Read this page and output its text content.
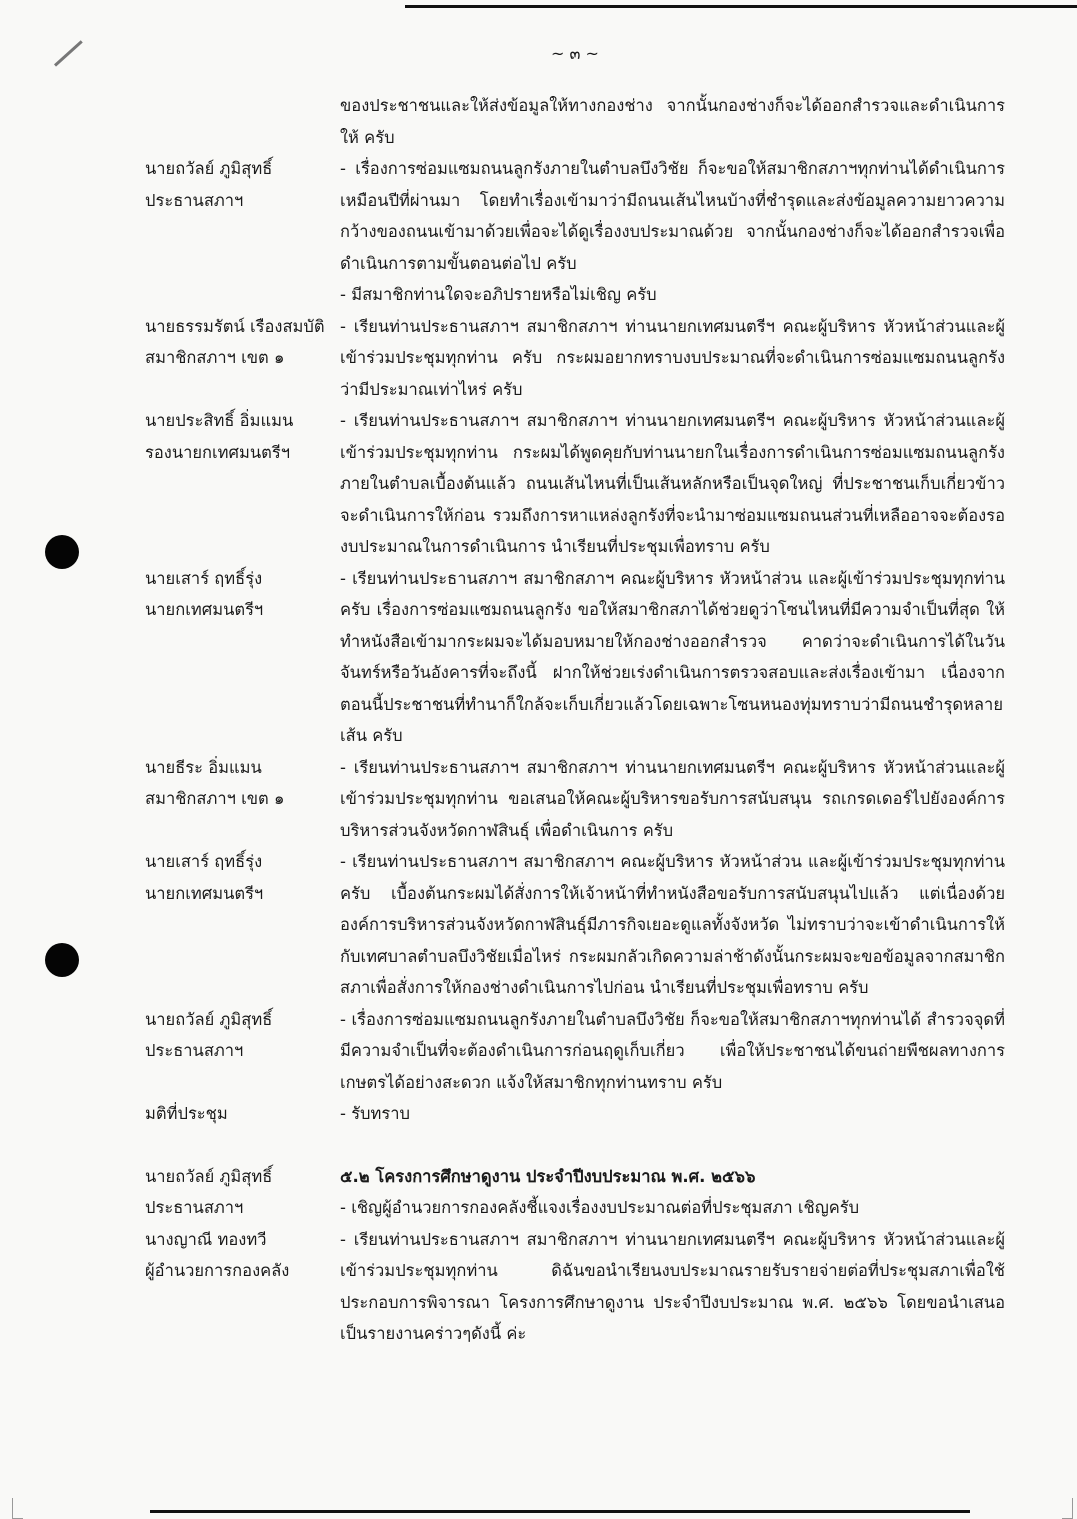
~ ๓ ~

ของประชาชนและให้ส่งข้อมูลให้ทางกองช่าง จากนั้นกองช่างก็จะได้ออกสำรวจและดำเนินการให้ ครับ

นายถวัลย์ ภูมิสุทธิ์
ประธานสภาฯ

- เรื่องการซ่อมแซมถนนลูกรังภายในตำบลบึงวิชัย ก็จะขอให้สมาชิกสภาฯทุกท่านได้ดำเนินการเหมือนปีที่ผ่านมา โดยทำเรื่องเข้ามาว่ามีถนนเส้นไหนบ้างที่ชำรุดและส่งข้อมูลความยาวความกว้างของถนนเข้ามาด้วยเพื่อจะได้ดูเรื่องงบประมาณด้วย จากนั้นกองช่างก็จะได้ออกสำรวจเพื่อดำเนินการตามขั้นตอนต่อไป ครับ

- มีสมาชิกท่านใดจะอภิปรายหรือไม่เชิญ ครับ

นายธรรมรัตน์ เรืองสมบัติ
สมาชิกสภาฯ เขต ๑

- เรียนท่านประธานสภาฯ สมาชิกสภาฯ ท่านนายกเทศมนตรีฯ คณะผู้บริหาร หัวหน้าส่วนและผู้เข้าร่วมประชุมทุกท่าน ครับ กระผมอยากทราบงบประมาณที่จะดำเนินการซ่อมแซมถนนลูกรัง ว่ามีประมาณเท่าไหร่ ครับ

นายประสิทธิ์ อิ่มแมน
รองนายกเทศมนตรีฯ

- เรียนท่านประธานสภาฯ สมาชิกสภาฯ ท่านนายกเทศมนตรีฯ คณะผู้บริหาร หัวหน้าส่วนและผู้เข้าร่วมประชุมทุกท่าน กระผมได้พูดคุยกับท่านนายกในเรื่องการดำเนินการซ่อมแซมถนนลูกรังภายในตำบลเบื้องต้นแล้ว ถนนเส้นไหนที่เป็นเส้นหลักหรือเป็นจุดใหญ่ ที่ประชาชนเก็บเกี่ยวข้าวจะดำเนินการให้ก่อน รวมถึงการหาแหล่งลูกรังที่จะนำมาซ่อมแซมถนนส่วนที่เหลืออาจจะต้องรองบประมาณในการดำเนินการ นำเรียนที่ประชุมเพื่อทราบ ครับ

นายเสาร์ ฤทธิ์รุ่ง
นายกเทศมนตรีฯ

- เรียนท่านประธานสภาฯ สมาชิกสภาฯ คณะผู้บริหาร หัวหน้าส่วน และผู้เข้าร่วมประชุมทุกท่าน ครับ เรื่องการซ่อมแซมถนนลูกรัง ขอให้สมาชิกสภาได้ช่วยดูว่าโซนไหนที่มีความจำเป็นที่สุด ให้ทำหนังสือเข้ามากระผมจะได้มอบหมายให้กองช่างออกสำรวจ คาดว่าจะดำเนินการได้ในวันจันทร์หรือวันอังคารที่จะถึงนี้ ฝากให้ช่วยเร่งดำเนินการตรวจสอบและส่งเรื่องเข้ามา เนื่องจากตอนนี้ประชาชนที่ทำนาก็ใกล้จะเก็บเกี่ยวแล้วโดยเฉพาะโซนหนองทุ่มทราบว่ามีถนนชำรุดหลายเส้น ครับ

นายธีระ อิ่มแมน
สมาชิกสภาฯ เขต ๑

- เรียนท่านประธานสภาฯ สมาชิกสภาฯ ท่านนายกเทศมนตรีฯ คณะผู้บริหาร หัวหน้าส่วนและผู้เข้าร่วมประชุมทุกท่าน ขอเสนอให้คณะผู้บริหารขอรับการสนับสนุน รถเกรดเดอร์ไปยังองค์การบริหารส่วนจังหวัดกาฬสินธุ์ เพื่อดำเนินการ ครับ

นายเสาร์ ฤทธิ์รุ่ง
นายกเทศมนตรีฯ

- เรียนท่านประธานสภาฯ สมาชิกสภาฯ คณะผู้บริหาร หัวหน้าส่วน และผู้เข้าร่วมประชุมทุกท่าน ครับ เบื้องต้นกระผมได้สั่งการให้เจ้าหน้าที่ทำหนังสือขอรับการสนับสนุนไปแล้ว แต่เนื่องด้วยองค์การบริหารส่วนจังหวัดกาฬสินธุ์มีภารกิจเยอะดูแลทั้งจังหวัด ไม่ทราบว่าจะเข้าดำเนินการให้กับเทศบาลตำบลบึงวิชัยเมื่อไหร่ กระผมกลัวเกิดความล่าช้าดังนั้นกระผมจะขอข้อมูลจากสมาชิกสภาเพื่อสั่งการให้กองช่างดำเนินการไปก่อน นำเรียนที่ประชุมเพื่อทราบ ครับ

นายถวัลย์ ภูมิสุทธิ์
ประธานสภาฯ

- เรื่องการซ่อมแซมถนนลูกรังภายในตำบลบึงวิชัย ก็จะขอให้สมาชิกสภาฯทุกท่านได้ สำรวจจุดที่มีความจำเป็นที่จะต้องดำเนินการก่อนฤดูเก็บเกี่ยว เพื่อให้ประชาชนได้ขนถ่ายพืชผลทางการเกษตรได้อย่างสะดวก แจ้งให้สมาชิกทุกท่านทราบ ครับ

มติที่ประชุม	- รับทราบ

นายถวัลย์ ภูมิสุทธิ์
ประธานสภาฯ
นางญาณี ทองทวี
ผู้อำนวยการกองคลัง

๕.๒ โครงการศึกษาดูงาน ประจำปีงบประมาณ พ.ศ. ๒๕๖๖

- เชิญผู้อำนวยการกองคลังชี้แจงเรื่องงบประมาณต่อที่ประชุมสภา เชิญครับ

- เรียนท่านประธานสภาฯ สมาชิกสภาฯ ท่านนายกเทศมนตรีฯ คณะผู้บริหาร หัวหน้าส่วนและผู้เข้าร่วมประชุมทุกท่าน ดิฉันขอนำเรียนงบประมาณรายรับรายจ่ายต่อที่ประชุมสภาเพื่อใช้ประกอบการพิจารณา โครงการศึกษาดูงาน ประจำปีงบประมาณ พ.ศ. ๒๕๖๖ โดยขอนำเสนอเป็นรายงานคร่าวๆดังนี้ ค่ะ
